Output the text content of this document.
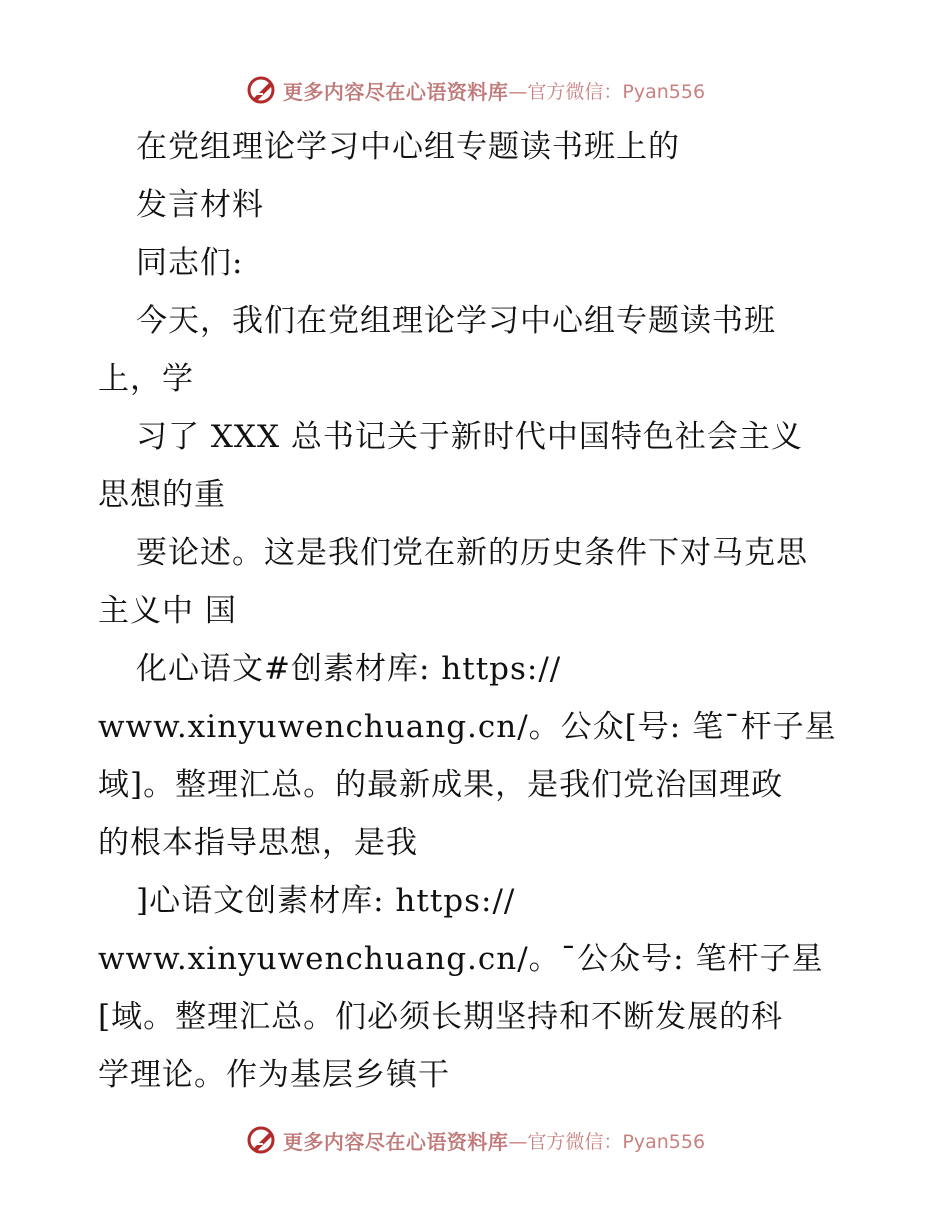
更多内容尽在心语资料库 —官方微信：Pyan556
在党组理论学习中心组专题读书班上的
发言材料
同志们:
今天，我们在党组理论学习中心组专题读书班
上，学
习了 XXX 总书记关于新时代中国特色社会主义
思想的重
要论述。这是我们党在新的历史条件下对马克思
主义中 国
化心语文#创素材库: https://
www.xinyuwenchuang.cn/。公众[号: 笔¯杆子星
域]。整理汇总。的最新成果，是我们党治国理政
的根本指导思想，是我
]心语文创素材库: https://
www.xinyuwenchuang.cn/。¯公众号: 笔杆子星
[域。整理汇总。们必须长期坚持和不断发展的科
学理论。作为基层乡镇干
更多内容尽在心语资料库 —官方微信：Pyan556
